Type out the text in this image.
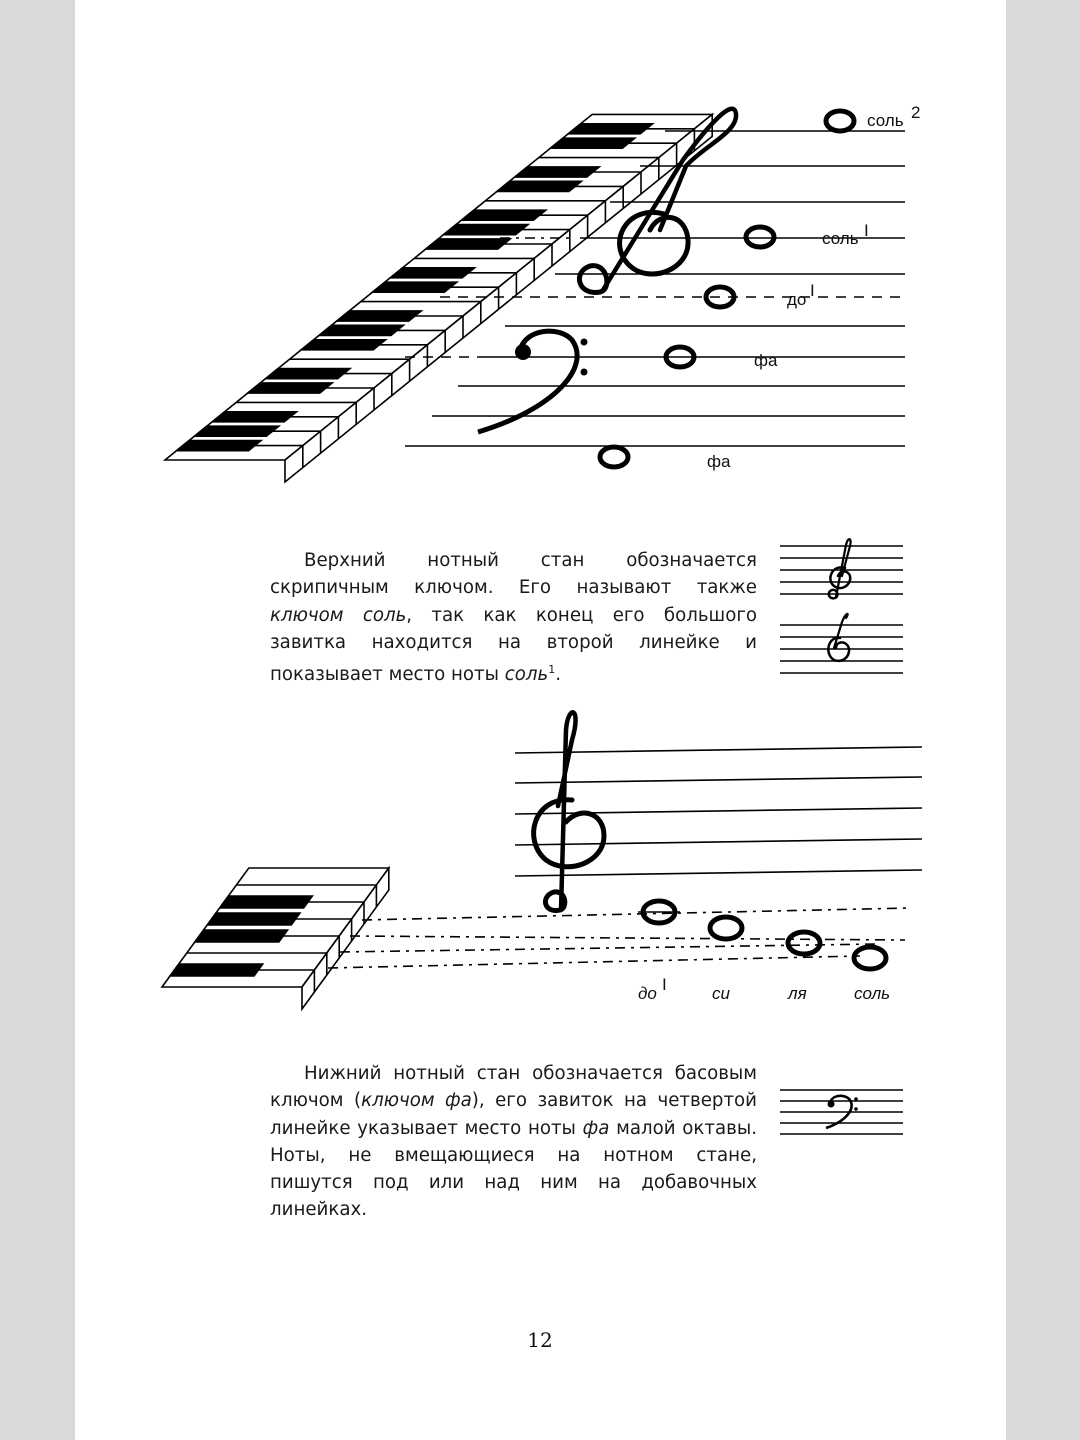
соль 2
соль I
до I
фа
фа

Верхний нотный стан обозначается скрипичным ключом. Его называют также ключом соль, так как конец его большого завитка находится на второй линейке и показывает место ноты соль$^1$.

до I	си	ля	соль

Нижний нотный стан обозначается басовым ключом (ключом фа), его завиток на четвертой линейке указывает место ноты фа малой октавы. Ноты, не вмещающиеся на нотном стане, пишутся под или над ним на добавочных линейках.

12
